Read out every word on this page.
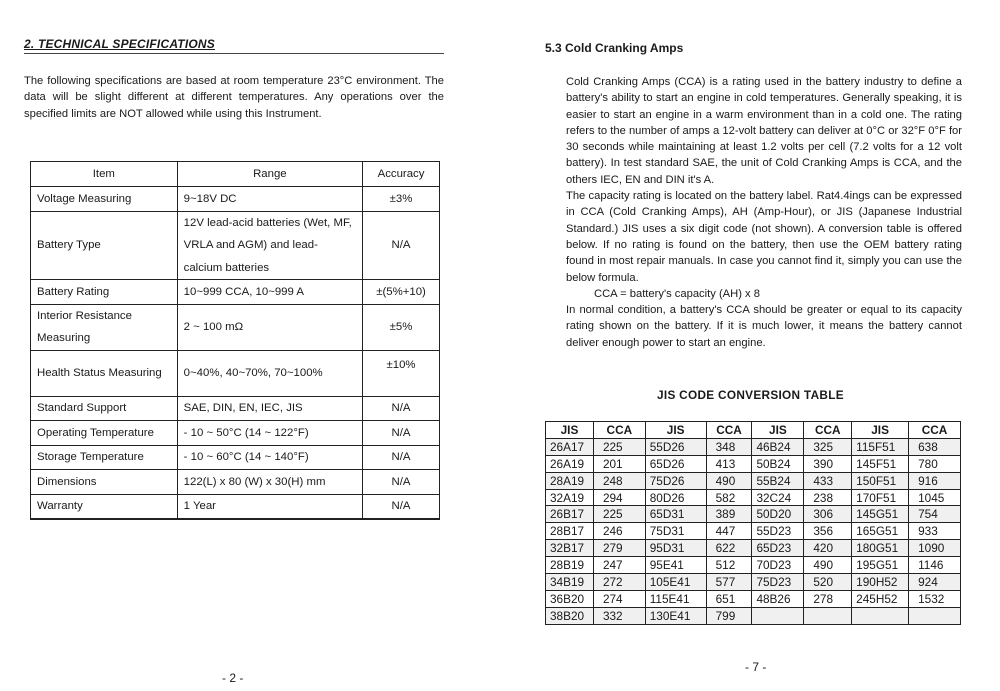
2. TECHNICAL SPECIFICATIONS
The following specifications are based at room temperature 23°C environment. The data will be slight different at different temperatures. Any operations over the specified limits are NOT allowed while using this Instrument.
Item	Range	Accuracy
Voltage Measuring	9~18V DC	±3%
Battery Type	12V lead-acid batteries (Wet, MF, VRLA and AGM) and lead-calcium batteries	N/A
Battery Rating	10~999 CCA, 10~999 A	±(5%+10)
Interior Resistance Measuring	2 ~ 100 mΩ	±5%
Health Status Measuring	0~40%, 40~70%, 70~100%	±10%
Standard Support	SAE, DIN, EN, IEC, JIS	N/A
Operating Temperature	- 10 ~ 50°C (14 ~ 122°F)	N/A
Storage Temperature	- 10 ~ 60°C (14 ~ 140°F)	N/A
Dimensions	122(L) x 80 (W) x 30(H) mm	N/A
Warranty	1 Year	N/A
- 2 -
5.3 Cold Cranking Amps

Cold Cranking Amps (CCA) is a rating used in the battery industry to define a battery's ability to start an engine in cold temperatures. Generally speaking, it is easier to start an engine in a warm environment than in a cold one. The rating refers to the number of amps a 12-volt battery can deliver at 0°C or 32°F 0°F for 30 seconds while maintaining at least 1.2 volts per cell (7.2 volts for a 12 volt battery). In test standard SAE, the unit of Cold Cranking Amps is CCA, and the others IEC, EN and DIN it's A.

The capacity rating is located on the battery label. Rat4.4ings can be expressed in CCA (Cold Cranking Amps), AH (Amp-Hour), or JIS (Japanese Industrial Standard.) JIS uses a six digit code (not shown). A conversion table is offered below. If no rating is found on the battery, then use the OEM battery rating found in most repair manuals. In case you cannot find it, simply you can use the below formula.

CCA = battery's capacity (AH) x 8

In normal condition, a battery's CCA should be greater or equal to its capacity rating shown on the battery. If it is much lower, it means the battery cannot deliver enough power to start an engine.

JIS CODE CONVERSION TABLE
JIS	CCA	JIS	CCA	JIS	CCA	JIS	CCA
26A17	225	55D26	348	46B24	325	115F51	638
26A19	201	65D26	413	50B24	390	145F51	780
28A19	248	75D26	490	55B24	433	150F51	916
32A19	294	80D26	582	32C24	238	170F51	1045
26B17	225	65D31	389	50D20	306	145G51	754
28B17	246	75D31	447	55D23	356	165G51	933
32B17	279	95D31	622	65D23	420	180G51	1090
28B19	247	95E41	512	70D23	490	195G51	1146
34B19	272	105E41	577	75D23	520	190H52	924
36B20	274	115E41	651	48B26	278	245H52	1532
38B20	332	130E41	799				
- 7 -
